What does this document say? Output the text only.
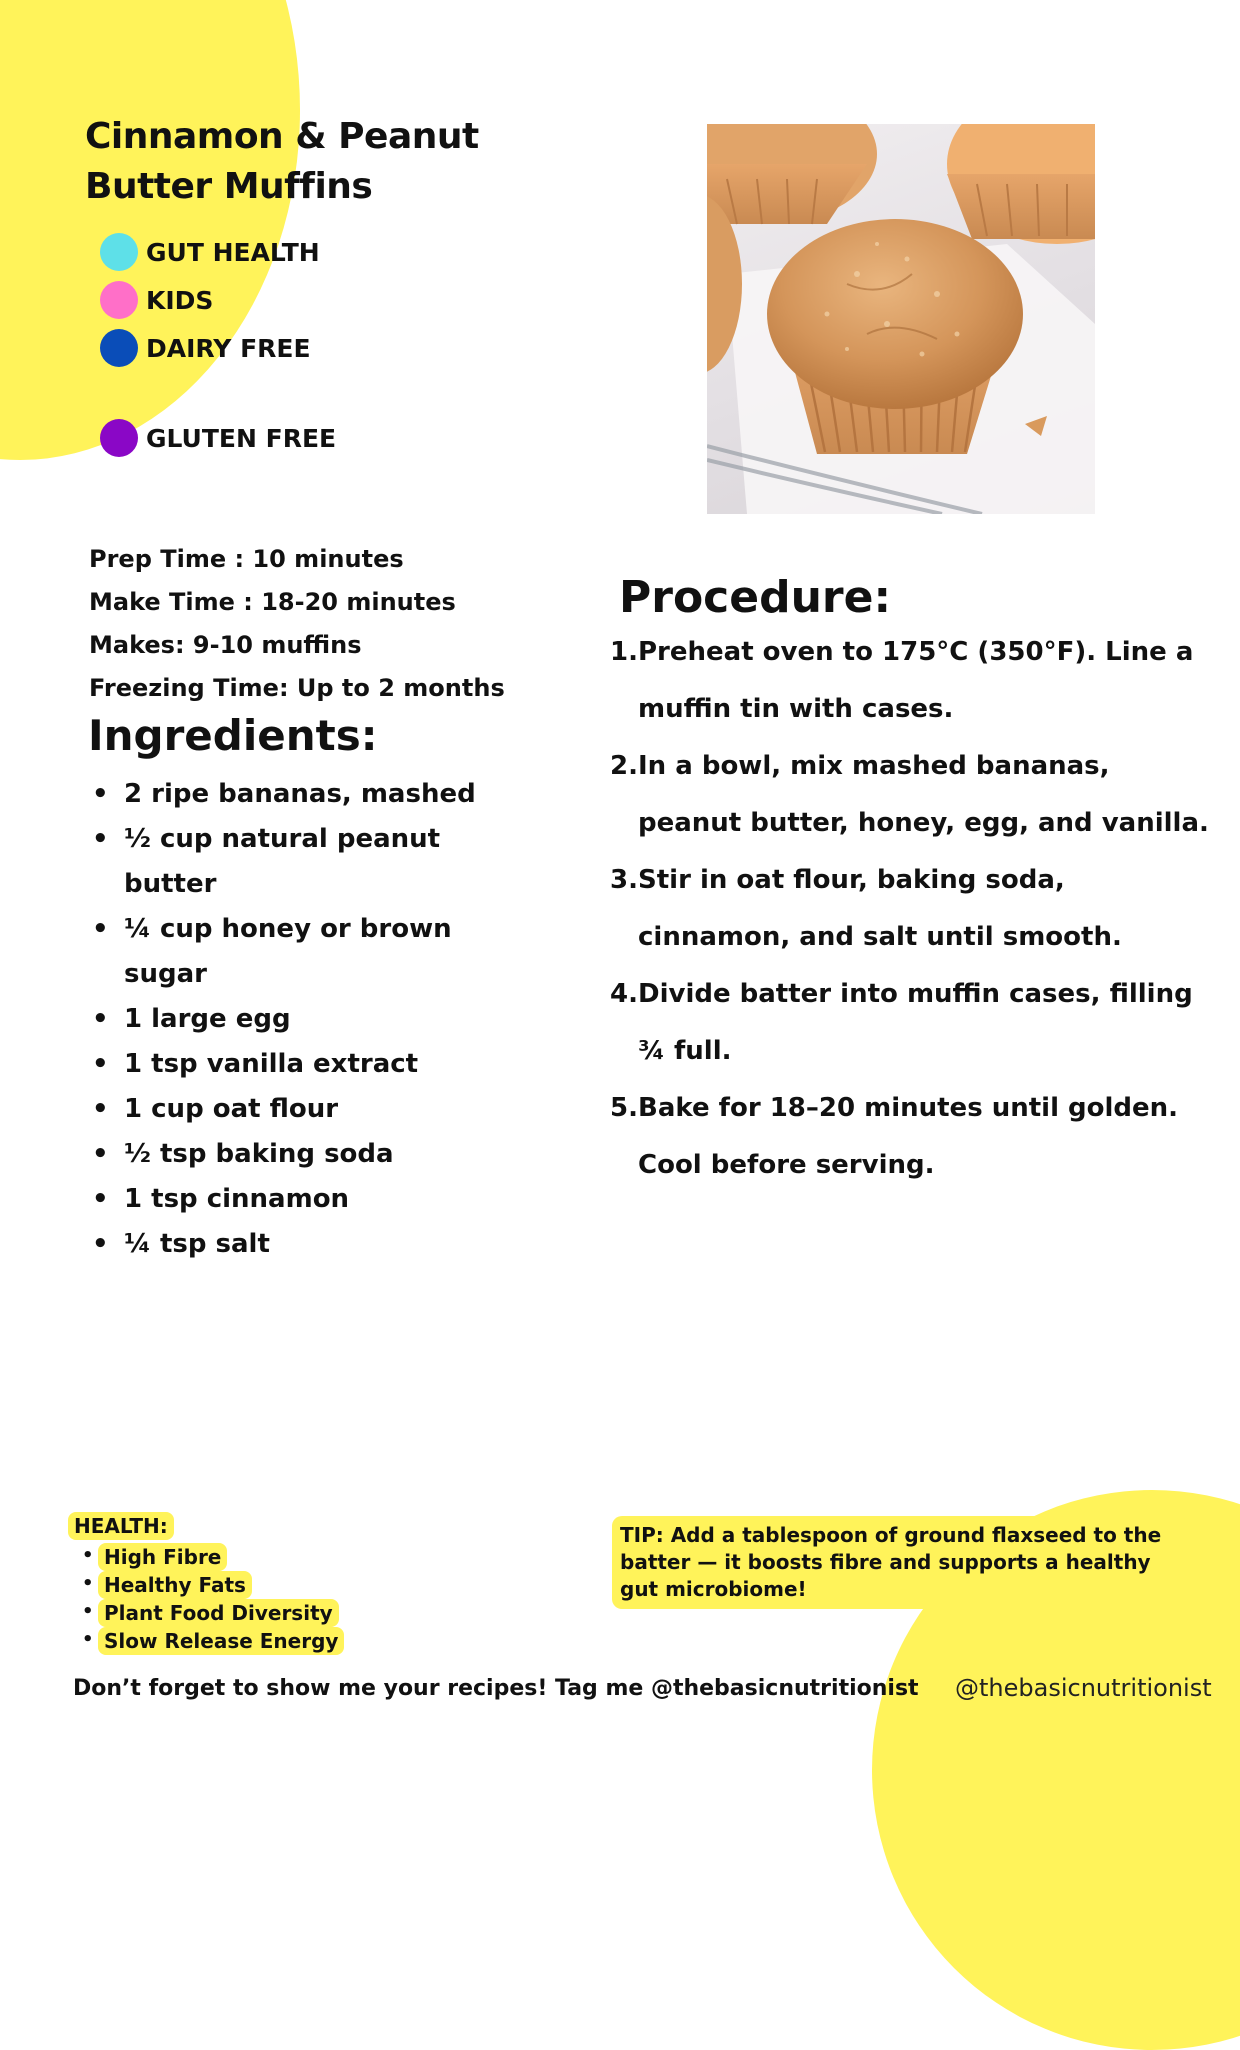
Cinnamon & Peanut Butter Muffins
GUT HEALTH
KIDS
DAIRY FREE
GLUTEN FREE
Prep Time : 10 minutes
Make Time : 18-20 minutes
Makes: 9-10 muffins
Freezing Time: Up to 2 months
Ingredients:
• 2 ripe bananas, mashed
• ½ cup natural peanut butter
• ¼ cup honey or brown sugar
• 1 large egg
• 1 tsp vanilla extract
• 1 cup oat flour
• ½ tsp baking soda
• 1 tsp cinnamon
• ¼ tsp salt
Procedure:
1. Preheat oven to 175°C (350°F). Line a muffin tin with cases.
2. In a bowl, mix mashed bananas, peanut butter, honey, egg, and vanilla.
3. Stir in oat flour, baking soda, cinnamon, and salt until smooth.
4. Divide batter into muffin cases, filling ¾ full.
5. Bake for 18–20 minutes until golden. Cool before serving.
HEALTH:
• High Fibre
• Healthy Fats
• Plant Food Diversity
• Slow Release Energy
TIP: Add a tablespoon of ground flaxseed to the batter — it boosts fibre and supports a healthy gut microbiome!
Don’t forget to show me your recipes! Tag me @thebasicnutritionist @thebasicnutritionist
